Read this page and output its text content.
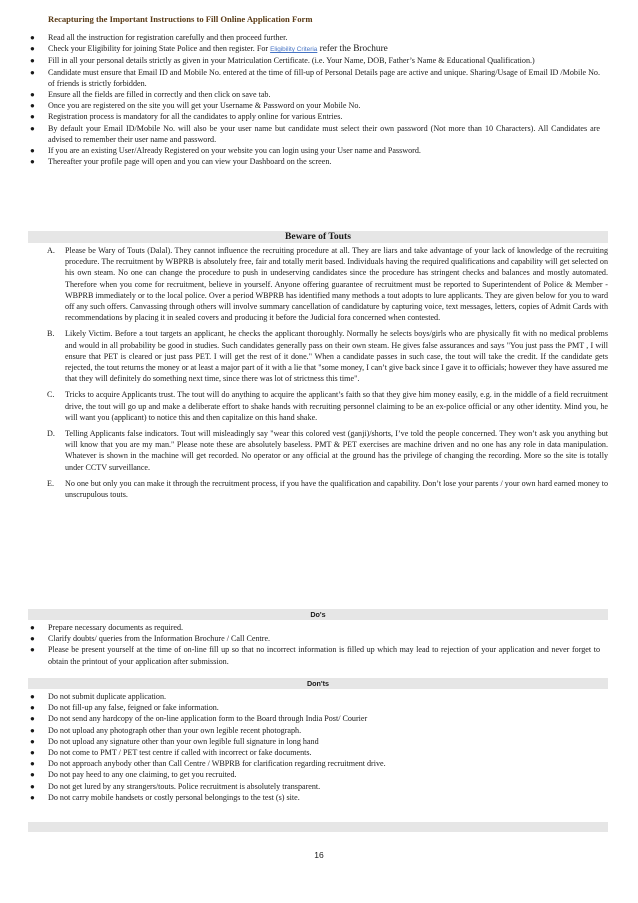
Recapturing the Important Instructions to Fill Online Application Form
● Read all the instruction for registration carefully and then proceed further.
● Check your Eligibility for joining State Police and then register. For Eligibility Criteria refer the Brochure
● Fill in all your personal details strictly as given in your Matriculation Certificate. (i.e. Your Name, DOB, Father’s Name & Educational Qualification.)
● Candidate must ensure that Email ID and Mobile No. entered at the time of fill-up of Personal Details page are active and unique. Sharing/Usage of Email ID /Mobile No. of friends is strictly forbidden.
● Ensure all the fields are filled in correctly and then click on save tab.
● Once you are registered on the site you will get your Username & Password on your Mobile No.
● Registration process is mandatory for all the candidates to apply online for various Entries.
● By default your Email ID/Mobile No. will also be your user name but candidate must select their own password (Not more than 10 Characters). All Candidates are advised to remember their user name and password.
● If you are an existing User/Already Registered on your website you can login using your User name and Password.
● Thereafter your profile page will open and you can view your Dashboard on the screen.
Beware of Touts
A. Please be Wary of Touts (Dalal). They cannot influence the recruiting procedure at all. They are liars and take advantage of your lack of knowledge of the recruiting procedure. The recruitment by WBPRB is absolutely free, fair and totally merit based. Individuals having the required qualifications and capability will get selected on his own steam. No one can change the procedure to push in undeserving candidates since the procedure has stringent checks and balances and mostly automated. Therefore when you come for recruitment, believe in yourself. Anyone offering guarantee of recruitment must be reported to Superintendent of Police & Member - WBPRB immediately or to the local police. Over a period WBPRB has identified many methods a tout adopts to lure applicants. They are given below for you to ward off any such offers. Canvassing through others will involve summary cancellation of candidature by capturing voice, text messages, letters, copies of Admit Cards with recommendations by placing it in sealed covers and producing it before the Judicial fora concerned when contested.
B. Likely Victim. Before a tout targets an applicant, he checks the applicant thoroughly. Normally he selects boys/girls who are physically fit with no medical problems and would in all probability be good in studies. Such candidates generally pass on their own steam. He gives false assurances and says "You just pass the PMT , I will ensure that PET is cleared or just pass PET. I will get the rest of it done." When a candidate passes in such case, the tout will take the credit. If the candidate gets rejected, the tout returns the money or at least a major part of it with a lie that "some money, I can’t give back since I gave it to officials; however they have assured me that they will definitely do something next time, since there was lot of strictness this time".
C. Tricks to acquire Applicants trust. The tout will do anything to acquire the applicant’s faith so that they give him money easily, e.g. in the middle of a field recruitment drive, the tout will go up and make a deliberate effort to shake hands with recruiting personnel claiming to be an ex-police official or any other identity. Mind you, he will want you (applicant) to notice this and then capitalize on this hand shake.
D. Telling Applicants false indicators. Tout will misleadingly say "wear this colored vest (ganji)/shorts, I’ve told the people concerned. They won’t ask you anything but will know that you are my man." Please note these are absolutely baseless. PMT & PET exercises are machine driven and no one has any role in data manipulation. Whatever is shown in the machine will get recorded. No operator or any official at the ground has the privilege of changing the recording. More so the site is totally under CCTV surveillance.
E. No one but only you can make it through the recruitment process, if you have the qualification and capability. Don’t lose your parents / your own hard earned money to unscrupulous touts.
Do's
● Prepare necessary documents as required.
● Clarify doubts/ queries from the Information Brochure / Call Centre.
● Please be present yourself at the time of on-line fill up so that no incorrect information is filled up which may lead to rejection of your application and never forget to obtain the printout of your application after submission.
Don'ts
● Do not submit duplicate application.
● Do not fill-up any false, feigned or fake information.
● Do not send any hardcopy of the on-line application form to the Board through India Post/ Courier
● Do not upload any photograph other than your own legible recent photograph.
● Do not upload any signature other than your own legible full signature in long hand
● Do not come to PMT / PET test centre if called with incorrect or fake documents.
● Do not approach anybody other than Call Centre / WBPRB for clarification regarding recruitment drive.
● Do not pay heed to any one claiming, to get you recruited.
● Do not get lured by any strangers/touts. Police recruitment is absolutely transparent.
● Do not carry mobile handsets or costly personal belongings to the test (s) site.
16
